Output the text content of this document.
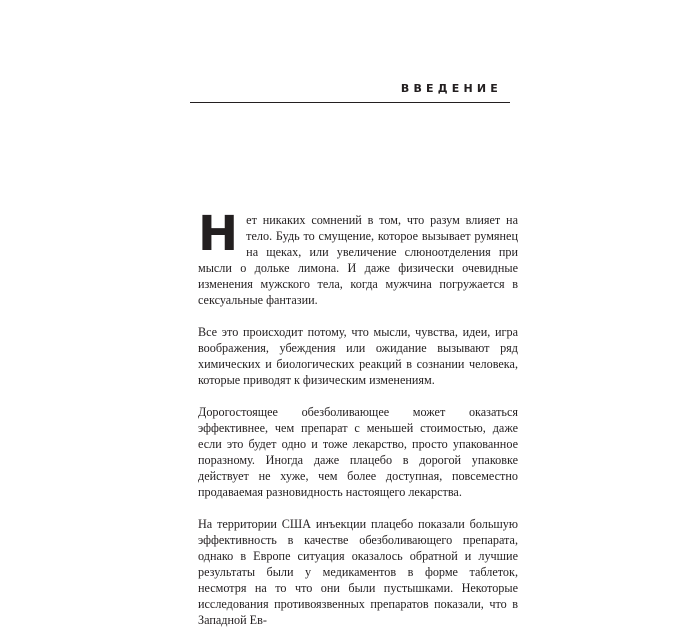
ВВЕДЕНИЕ

Нет никаких сомнений в том, что разум влияет на тело. Будь то смущение, которое вызывает румянец на щеках, или увеличение слюноотделения при мысли о дольке лимона. И даже физически очевидные изменения мужского тела, когда мужчина погружается в сексуальные фантазии.

Все это происходит потому, что мысли, чувства, идеи, игра воображения, убеждения или ожидание вызывают ряд химических и биологических реакций в сознании человека, которые приводят к физическим изменениям.

Дорогостоящее обезболивающее может оказаться эффективнее, чем препарат с меньшей стоимостью, даже если это будет одно и тоже лекарство, просто упакованное поразному. Иногда даже плацебо в дорогой упаковке действует не хуже, чем более доступная, повсеместно продаваемая разновидность настоящего лекарства.

На территории США инъекции плацебо показали большую эффективность в качестве обезболивающего препарата, однако в Европе ситуация оказалось обратной и лучшие результаты были у медикаментов в форме таблеток, несмотря на то что они были пустышками. Некоторые исследования противоязвенных препаратов показали, что в Западной Ев-
